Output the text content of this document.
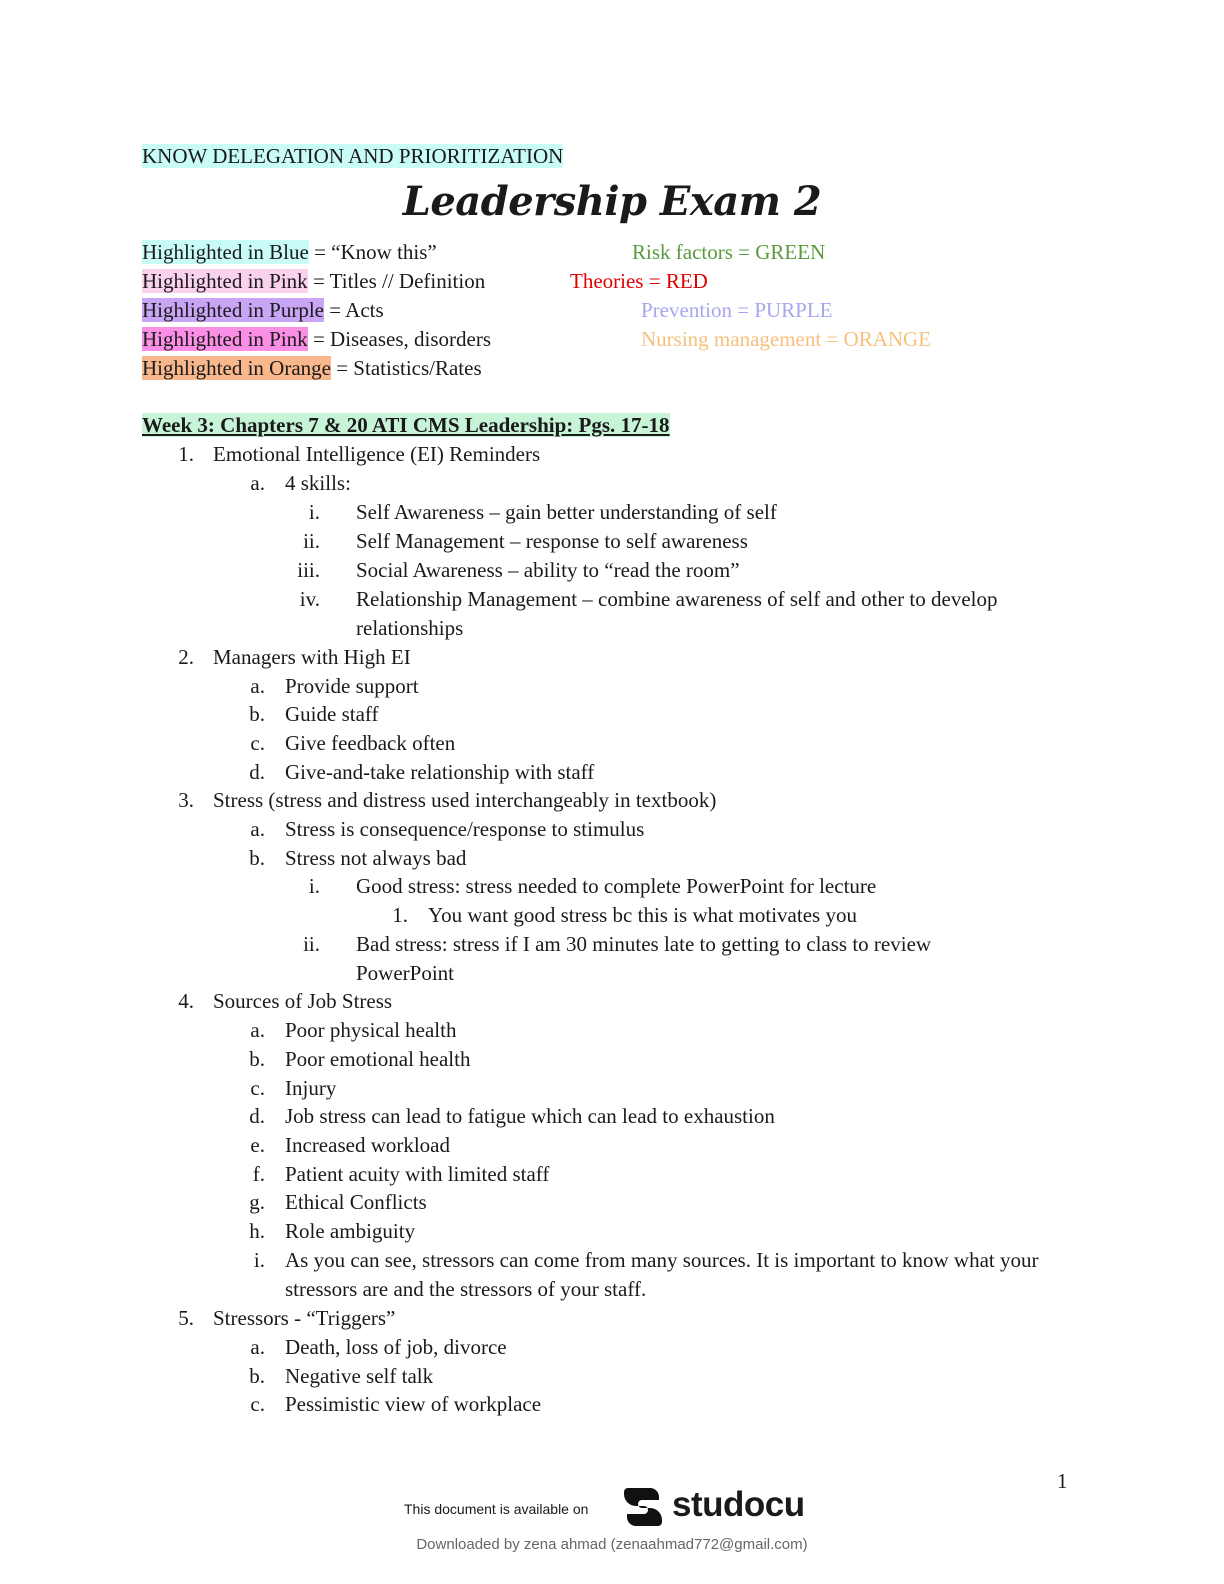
KNOW DELEGATION AND PRIORITIZATION
Leadership Exam 2
Highlighted in Blue = “Know this”
Highlighted in Pink = Titles // Definition
Highlighted in Purple = Acts
Highlighted in Pink = Diseases, disorders
Highlighted in Orange = Statistics/Rates
Risk factors = GREEN
Theories = RED
Prevention = PURPLE
Nursing management = ORANGE
Week 3: Chapters 7 & 20 ATI CMS Leadership: Pgs. 17-18
1. Emotional Intelligence (EI) Reminders
a. 4 skills:
i. Self Awareness – gain better understanding of self
ii. Self Management – response to self awareness
iii. Social Awareness – ability to “read the room”
iv. Relationship Management – combine awareness of self and other to develop
relationships
2. Managers with High EI
a. Provide support
b. Guide staff
c. Give feedback often
d. Give-and-take relationship with staff
3. Stress (stress and distress used interchangeably in textbook)
a. Stress is consequence/response to stimulus
b. Stress not always bad
i. Good stress: stress needed to complete PowerPoint for lecture
1. You want good stress bc this is what motivates you
ii. Bad stress: stress if I am 30 minutes late to getting to class to review
PowerPoint
4. Sources of Job Stress
a. Poor physical health
b. Poor emotional health
c. Injury
d. Job stress can lead to fatigue which can lead to exhaustion
e. Increased workload
f. Patient acuity with limited staff
g. Ethical Conflicts
h. Role ambiguity
i. As you can see, stressors can come from many sources. It is important to know what your
stressors are and the stressors of your staff.
5. Stressors - “Triggers”
a. Death, loss of job, divorce
b. Negative self talk
c. Pessimistic view of workplace
1
This document is available on studocu
Downloaded by zena ahmad (zenaahmad772@gmail.com)
